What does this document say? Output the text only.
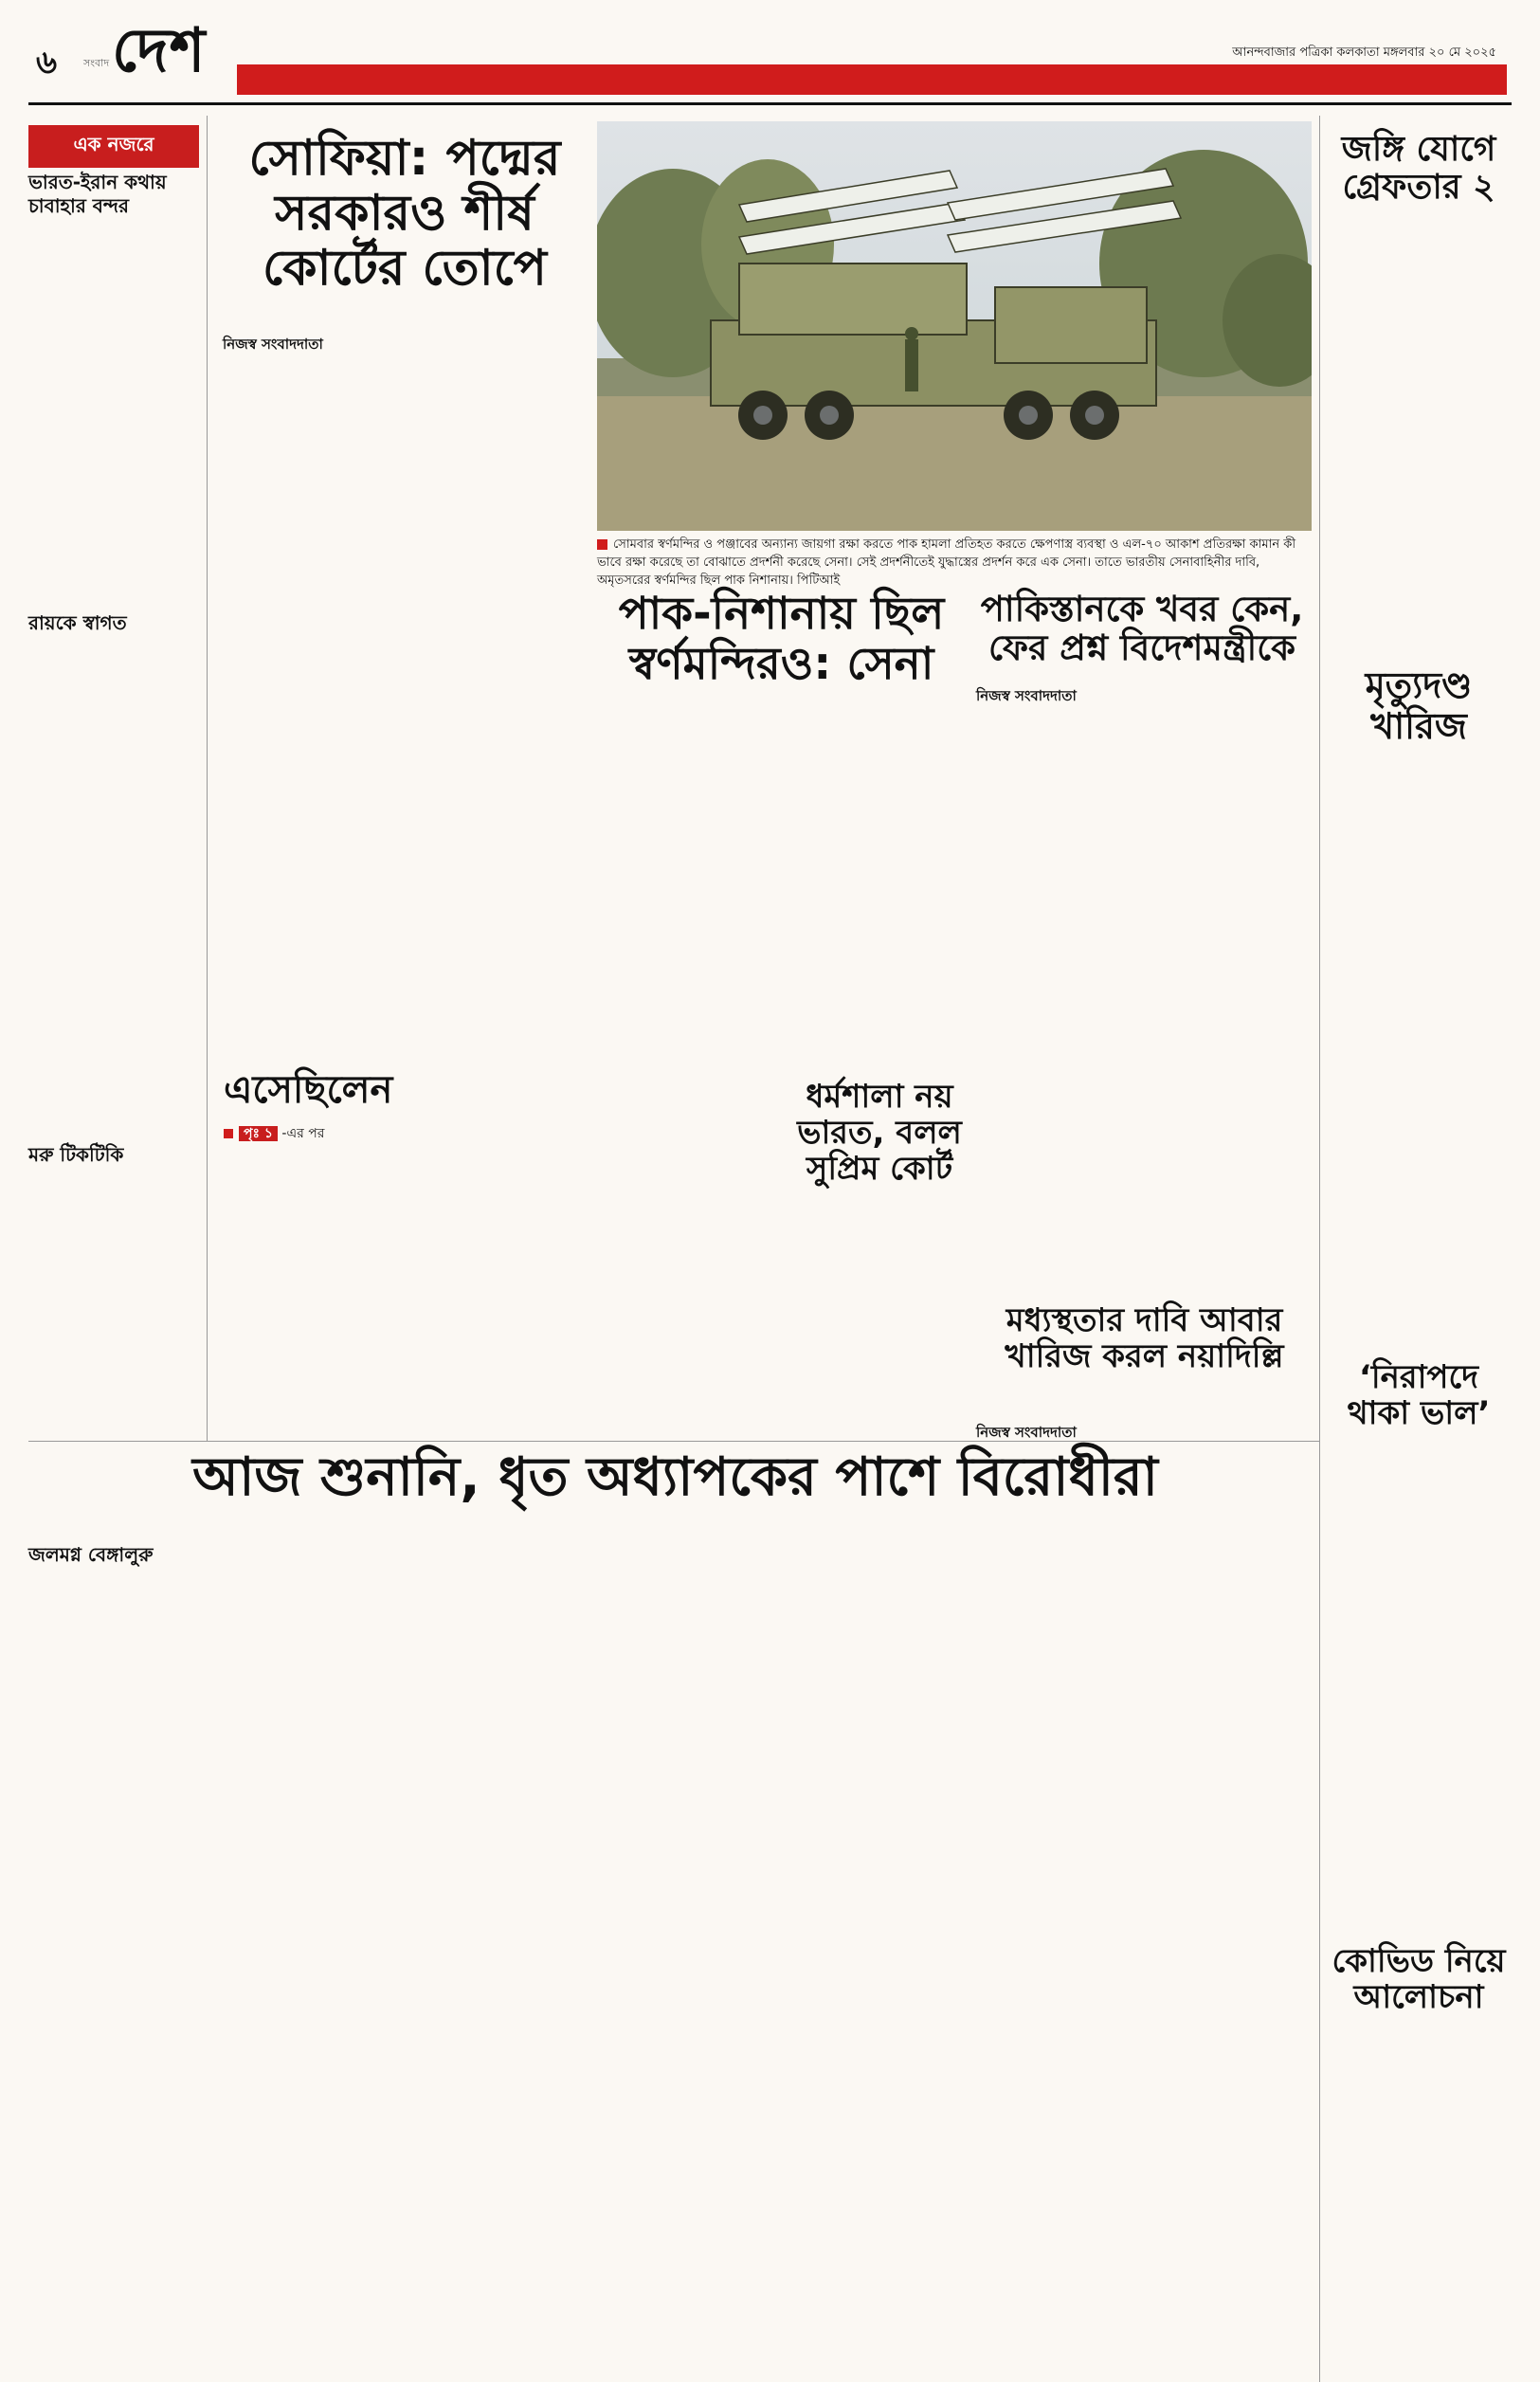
৬	সংবাদ দেশ	আনন্দবাজার পত্রিকা কলকাতা মঙ্গলবার ২০ মে ২০২৫
এক নজরে
ভারত-ইরান কথায় চাবাহার বন্দর
রায়কে স্বাগত
মরু টিকটিকি
জলমগ্ন বেঙ্গালুরু
সোফিয়া: পদ্মের সরকারও শীর্ষ কোর্টের তোপে
নিজস্ব সংবাদদাতা
সোমবার স্বর্ণমন্দির ও পঞ্জাবের অন্যান্য জায়গা রক্ষা করতে পাক হামলা প্রতিহত করতে ক্ষেপণাস্ত্র ব্যবস্থা ও এল-৭০ আকাশ প্রতিরক্ষা কামান কী ভাবে রক্ষা করেছে তা বোঝাতে প্রদর্শনী করেছে সেনা। সেই প্রদর্শনীতেই যুদ্ধাস্ত্রের প্রদর্শন করে এক সেনা। তাতে ভারতীয় সেনাবাহিনীর দাবি, অমৃতসরের স্বর্ণমন্দির ছিল পাক নিশানায়। পিটিআই
পাক-নিশানায় ছিল স্বর্ণমন্দিরও: সেনা
পাকিস্তানকে খবর কেন, ফের প্রশ্ন বিদেশমন্ত্রীকে
নিজস্ব সংবাদদাতা
জঙ্গি যোগে গ্রেফতার ২
মৃত্যুদণ্ড খারিজ
‘নিরাপদে থাকা ভাল’
কোভিড নিয়ে আলোচনা
এসেছিলেন
পৃঃ ১ -এর পর
ধর্মশালা নয় ভারত, বলল সুপ্রিম কোর্ট
মধ্যস্থতার দাবি আবার খারিজ করল নয়াদিল্লি
নিজস্ব সংবাদদাতা
আজ শুনানি, ধৃত অধ্যাপকের পাশে বিরোধীরা
